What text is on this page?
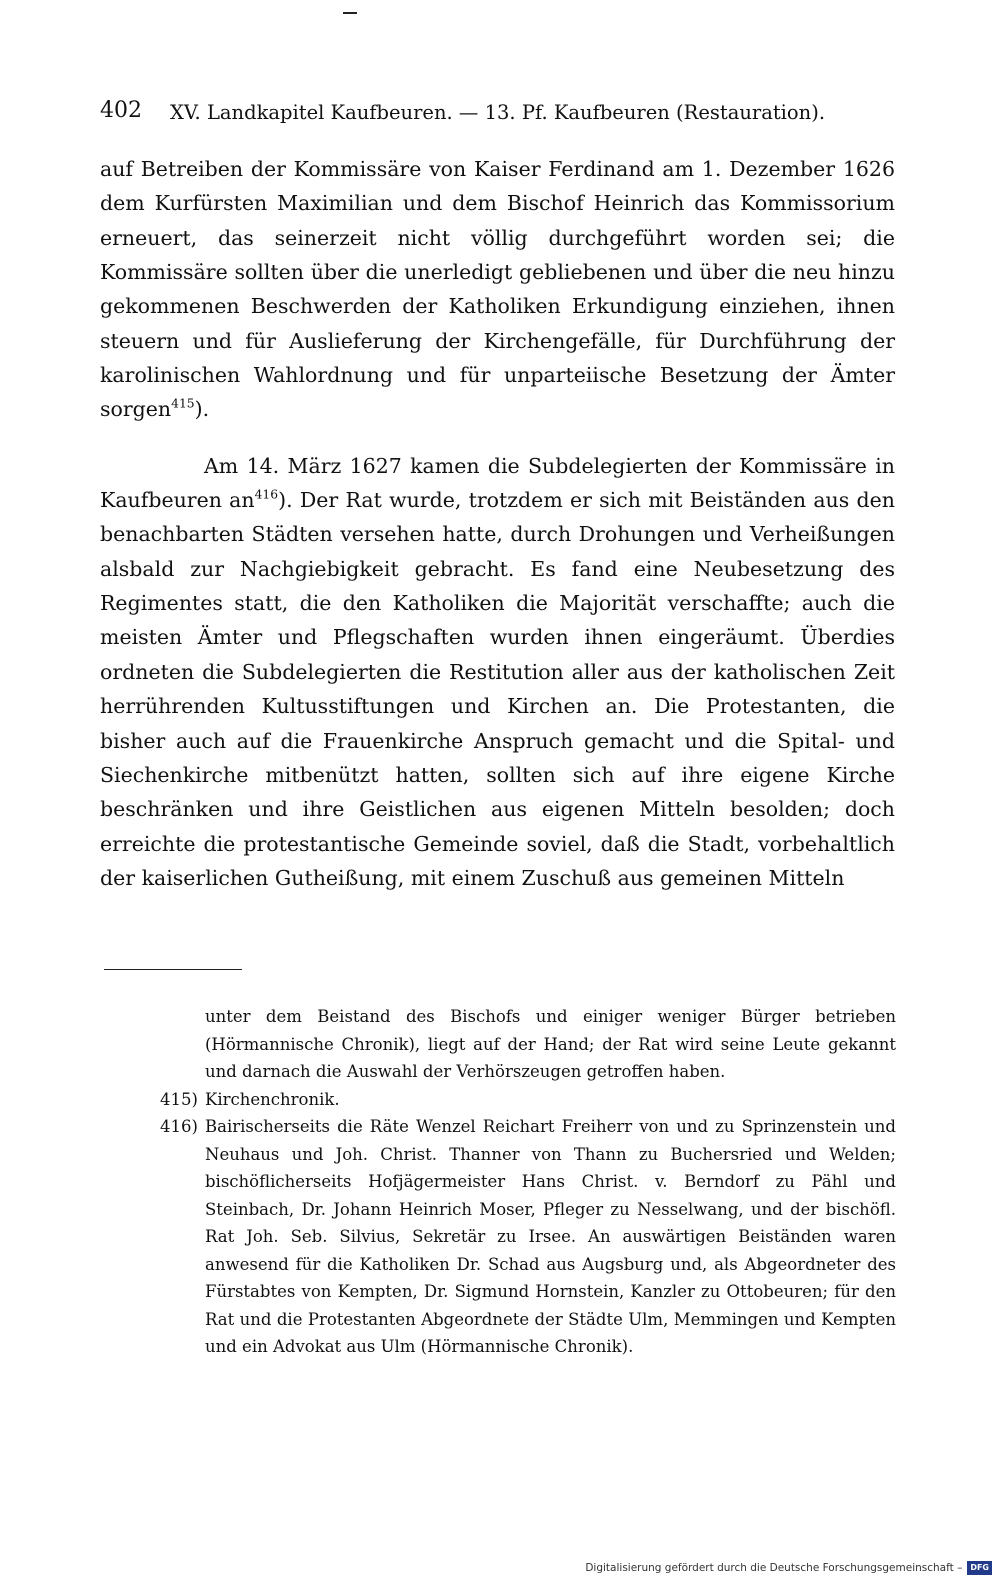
402 XV. Landkapitel Kaufbeuren. — 13. Pf. Kaufbeuren (Restauration).

auf Betreiben der Kommissäre von Kaiser Ferdinand am 1. Dezember 1626 dem Kurfürsten Maximilian und dem Bischof Heinrich das Kommissorium erneuert, das seinerzeit nicht völlig durchgeführt worden sei; die Kommissäre sollten über die unerledigt gebliebenen und über die neu hinzu gekommenen Beschwerden der Katholiken Erkundigung einziehen, ihnen steuern und für Auslieferung der Kirchengefälle, für Durchführung der karolinischen Wahlordnung und für unparteiische Besetzung der Ämter sorgen$^{415}$).

Am 14. März 1627 kamen die Subdelegierten der Kommissäre in Kaufbeuren $an^{416}$). Der Rat wurde, trotzdem er sich mit Beiständen aus den benachbarten Städten versehen hatte, durch Drohungen und Verheißungen alsbald zur Nachgiebigkeit gebracht. Es fand eine Neubesetzung des Regimentes statt, die den Katholiken die Majorität verschaffte; auch die meisten Ämter und Pflegschaften wurden ihnen eingeräumt. Überdies ordneten die Subdelegierten die Restitution aller aus der katholischen Zeit herrührenden Kultusstiftungen und Kirchen an. Die Protestanten, die bisher auch auf die Frauenkirche Anspruch gemacht und die Spital- und Siechenkirche mitbenützt hatten, sollten sich auf ihre eigene Kirche beschränken und ihre Geistlichen aus eigenen Mitteln besolden; doch erreichte die protestantische Gemeinde soviel, daß die Stadt, vorbehaltlich der kaiserlichen Gutheißung, mit einem Zuschuß aus gemeinen Mitteln

unter dem Beistand des Bischofs und einiger weniger Bürger betrieben (Hörmannische Chronik), liegt auf der Hand; der Rat wird seine Leute gekannt und darnach die Auswahl der Verhörszeugen getroffen haben.

415) Kirchenchronik.

416) Bairischerseits die Räte Wenzel Reichart Freiherr von und zu Sprinzenstein und Neuhaus und Joh. Christ. Thanner von Thann zu Buchersried und Welden; bischöflicherseits Hofjägermeister Hans Christ. v. Berndorf zu Pähl und Steinbach, Dr. Johann Heinrich Moser, Pfleger zu Nesselwang, und der bischöfl. Rat Joh. Seb. Silvius, Sekretär zu Irsee. An auswärtigen Beiständen waren anwesend für die Katholiken Dr. Schad aus Augsburg und, als Abgeordneter des Fürstabtes von Kempten, Dr. Sigmund Hornstein, Kanzler zu Ottobeuren; für den Rat und die Protestanten Abgeordnete der Städte Ulm, Memmingen und Kempten und ein Advokat aus Ulm (Hörmannische Chronik).

Digitalisierung gefördert durch die Deutsche Forschungsgemeinschaft –	DFG
